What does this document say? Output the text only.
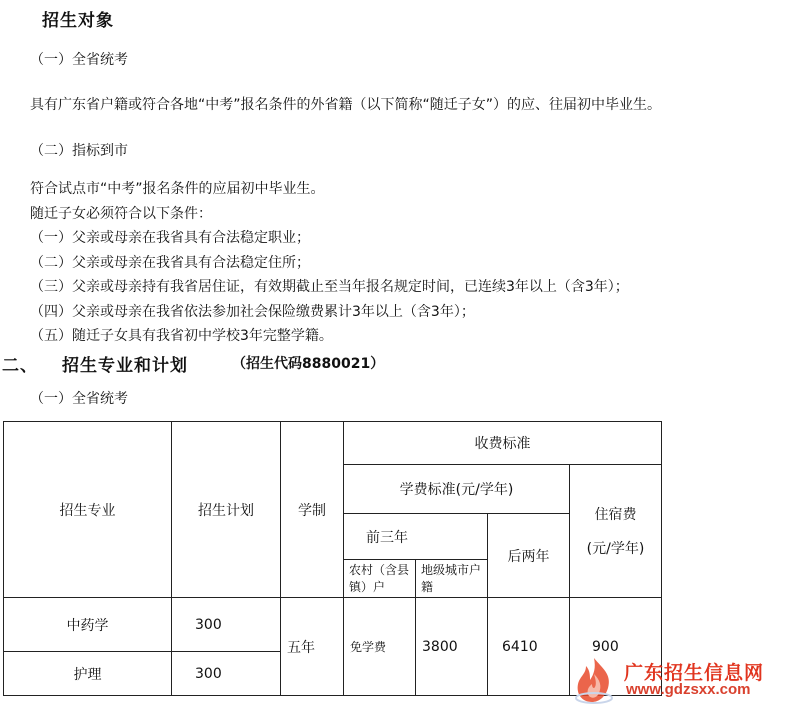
招生对象
（一）全省统考
具有广东省户籍或符合各地“中考”报名条件的外省籍（以下简称“随迁子女”）的应、往届初中毕业生。
（二）指标到市
符合试点市“中考”报名条件的应届初中毕业生。
随迁子女必须符合以下条件：
（一）父亲或母亲在我省具有合法稳定职业；
（二）父亲或母亲在我省具有合法稳定住所；
（三）父亲或母亲持有我省居住证，有效期截止至当年报名规定时间，已连续3年以上（含3年）；
（四）父亲或母亲在我省依法参加社会保险缴费累计3年以上（含3年）；
（五）随迁子女具有我省初中学校3年完整学籍。
二、 招生专业和计划	（招生代码8880021）
（一）全省统考
招生专业	招生计划	学制	收费标准			
			学费标准(元/学年)			住宿费
(元/学年)

			前三年		后两年	

			农村（含县镇）户	地级城市户籍		

中药学	300	五年	免学费	3800	6410	900
护理	300						广东招生信息网
www.gdzsxx.com
